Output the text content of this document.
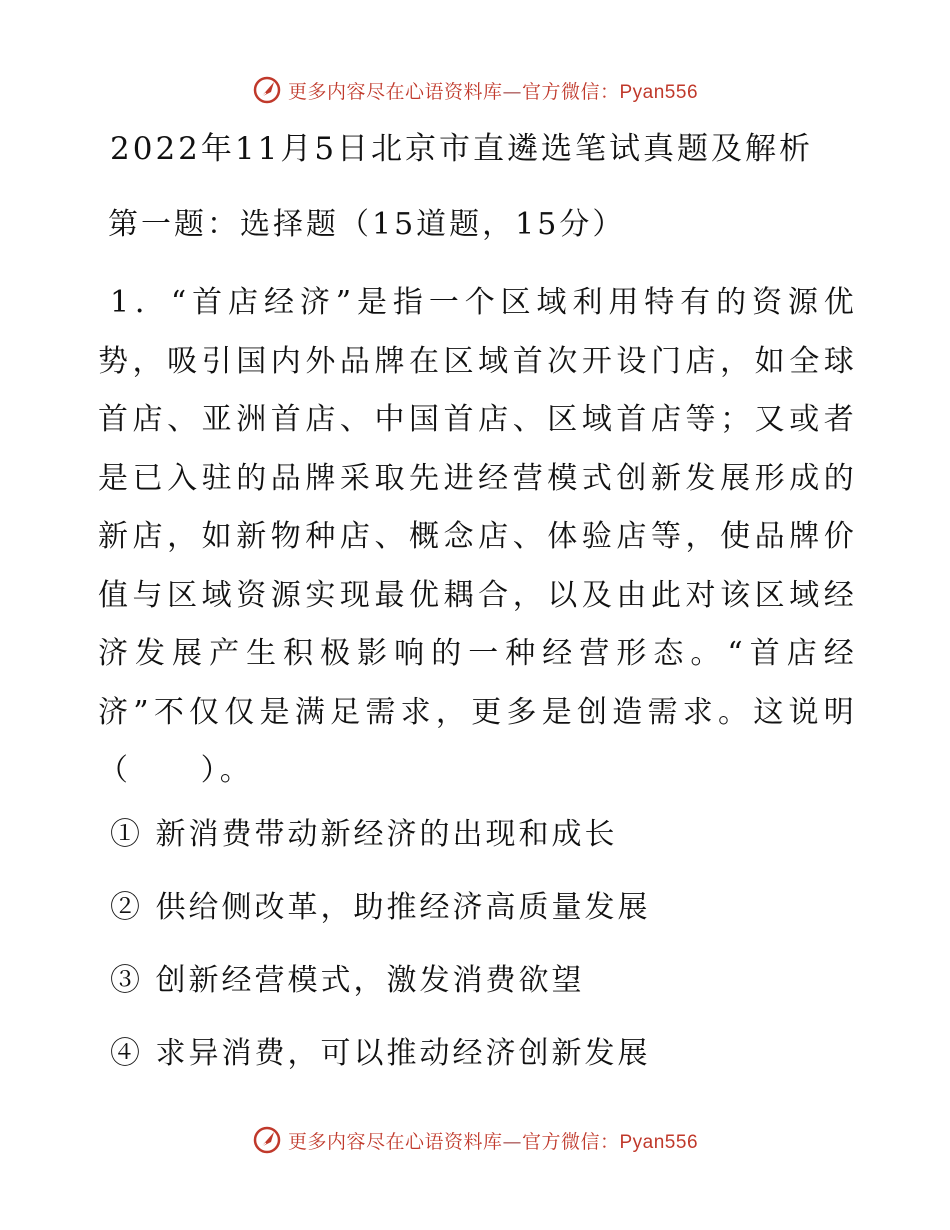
更多内容尽在心语资料库—官方微信：Pyan556
2022年11月5日北京市直遴选笔试真题及解析
第一题：选择题（15道题，15分）
1．“首店经济”是指一个区域利用特有的资源优势，吸引国内外品牌在区域首次开设门店，如全球首店、亚洲首店、中国首店、区域首店等；又或者是已入驻的品牌采取先进经营模式创新发展形成的新店，如新物种店、概念店、体验店等，使品牌价值与区域资源实现最优耦合，以及由此对该区域经济发展产生积极影响的一种经营形态。“首店经济”不仅仅是满足需求，更多是创造需求。这说明（　　）。
① 新消费带动新经济的出现和成长
② 供给侧改革，助推经济高质量发展
③ 创新经营模式，激发消费欲望
④ 求异消费，可以推动经济创新发展
更多内容尽在心语资料库—官方微信：Pyan556
